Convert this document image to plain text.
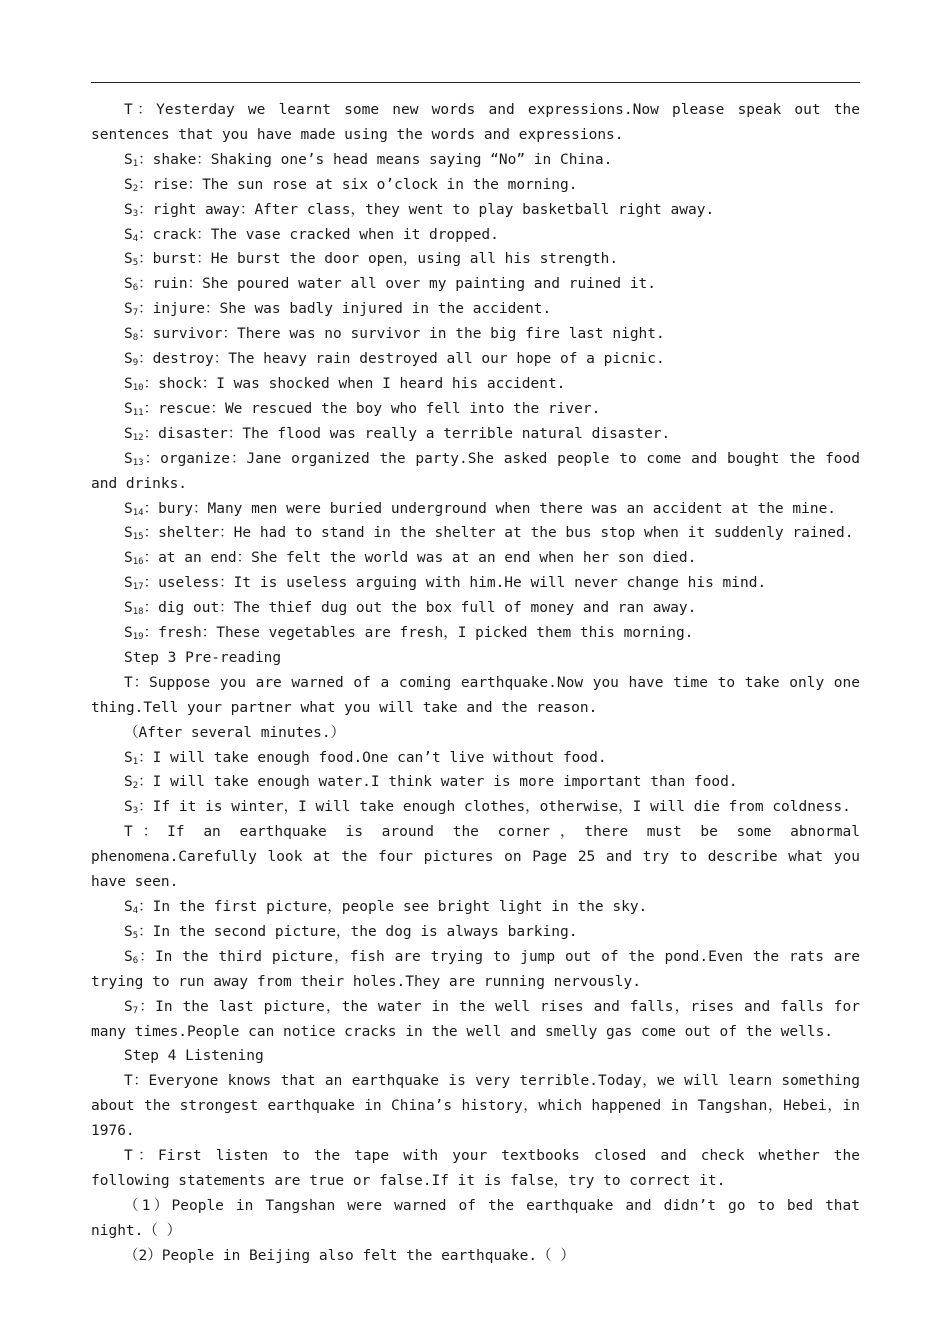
T：Yesterday we learnt some new words and expressions.Now please speak out the sentences that you have made using the words and expressions.

$S_1$：shake：Shaking one’s head means saying “No” in China.

$S_2$：rise：The sun rose at six o’clock in the morning.

$S_3$：right away：After class，they went to play basketball right away.

$S_4$：crack：The vase cracked when it dropped.

$S_5$：burst：He burst the door open，using all his strength.

$S_6$：ruin：She poured water all over my painting and ruined it.

$S_7$：injure：She was badly injured in the accident.

$S_8$：survivor：There was no survivor in the big fire last night.

$S_9$：destroy：The heavy rain destroyed all our hope of a picnic.

$S_{10}$：shock：I was shocked when I heard his accident.

$S_{11}$：rescue：We rescued the boy who fell into the river.

$S_{12}$：disaster：The flood was really a terrible natural disaster.

$S_{13}$：organize：Jane organized the party.She asked people to come and bought the food and drinks.

$S_{14}$：bury：Many men were buried underground when there was an accident at the mine.

$S_{15}$：shelter：He had to stand in the shelter at the bus stop when it suddenly rained.

$S_{16}$：at an end：She felt the world was at an end when her son died.

$S_{17}$：useless：It is useless arguing with him.He will never change his mind.

$S_{18}$：dig out：The thief dug out the box full of money and ran away.

$S_{19}$：fresh：These vegetables are fresh，I picked them this morning.

Step 3 Pre-reading

T：Suppose you are warned of a coming earthquake.Now you have time to take only one thing.Tell your partner what you will take and the reason.

（After several minutes.）

$S_1$：I will take enough food.One can’t live without food.

$S_2$：I will take enough water.I think water is more important than food.

$S_3$：If it is winter，I will take enough clothes，otherwise，I will die from coldness.

T：If an earthquake is around the corner，there must be some abnormal phenomena.Carefully look at the four pictures on Page 25 and try to describe what you have seen.

$S_4$：In the first picture，people see bright light in the sky.

$S_5$：In the second picture，the dog is always barking.

$S_6$：In the third picture，fish are trying to jump out of the pond.Even the rats are trying to run away from their holes.They are running nervously.

$S_7$：In the last picture，the water in the well rises and falls，rises and falls for many times.People can notice cracks in the well and smelly gas come out of the wells.

Step 4 Listening

T：Everyone knows that an earthquake is very terrible.Today，we will learn something about the strongest earthquake in China’s history，which happened in Tangshan，Hebei，in 1976.

T：First listen to the tape with your textbooks closed and check whether the following statements are true or false.If it is false，try to correct it.

（1）People in Tangshan were warned of the earthquake and didn’t go to bed that night.（ ）

（2）People in Beijing also felt the earthquake.（ ）
